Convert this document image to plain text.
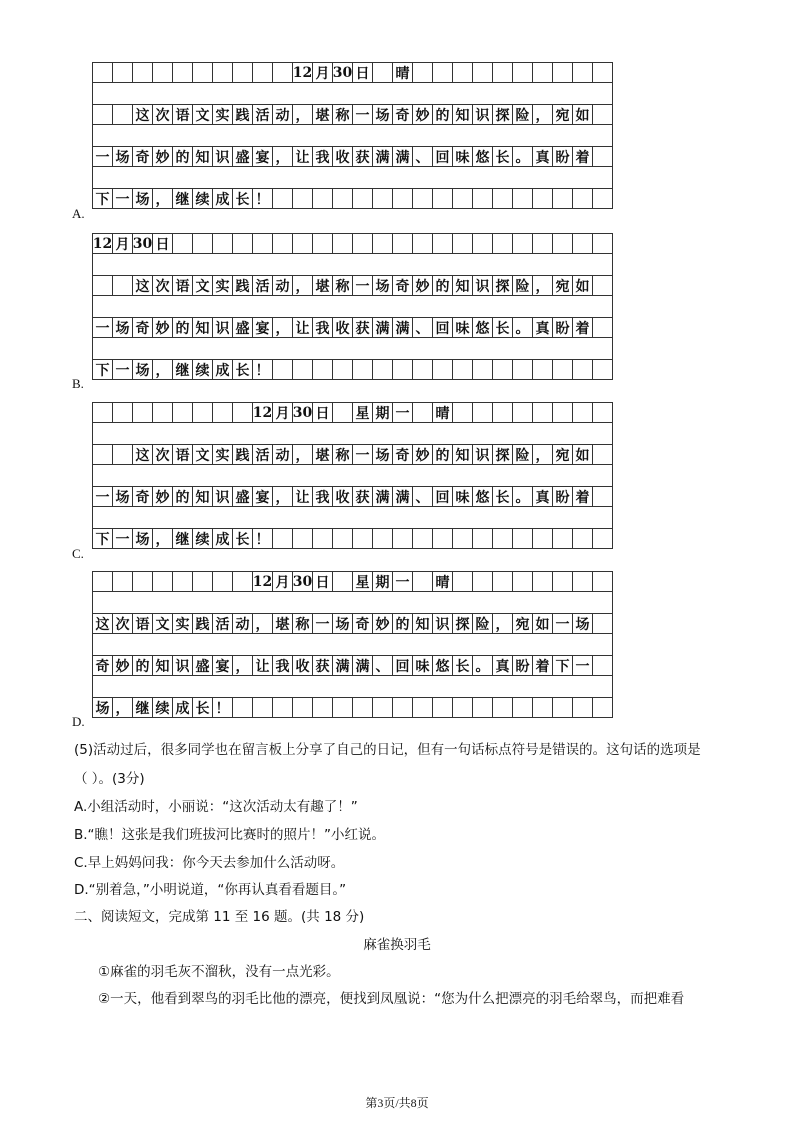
A.
B.
C.
D.
12 月 30 日 晴
这 次 语 文 实 践 活 动 ， 堪 称 一 场 奇 妙 的 知 识 探 险 ， 宛 如
一 场 奇 妙 的 知 识 盛 宴 ， 让 我 收 获 满 满 、 回 味 悠 长 。 真 盼 着
下 一 场 ， 继 续 成 长 ！
12 月 30 日
这 次 语 文 实 践 活 动 ， 堪 称 一 场 奇 妙 的 知 识 探 险 ， 宛 如
一 场 奇 妙 的 知 识 盛 宴 ， 让 我 收 获 满 满 、 回 味 悠 长 。 真 盼 着
下 一 场 ， 继 续 成 长 ！
12 月 30 日 星 期 一 晴
这 次 语 文 实 践 活 动 ， 堪 称 一 场 奇 妙 的 知 识 探 险 ， 宛 如
一 场 奇 妙 的 知 识 盛 宴 ， 让 我 收 获 满 满 、 回 味 悠 长 。 真 盼 着
下 一 场 ， 继 续 成 长 ！
12 月 30 日 星 期 一 晴
这 次 语 文 实 践 活 动 ， 堪 称 一 场 奇 妙 的 知 识 探 险 ， 宛 如 一 场
奇 妙 的 知 识 盛 宴 ， 让 我 收 获 满 满 、 回 味 悠 长 。 真 盼 着 下 一
场 ， 继 续 成 长 ！
(5)活动过后，很多同学也在留言板上分享了自己的日记，但有一句话标点符号是错误的。这句话的选项是
（ ）。(3分)
A.小组活动时，小丽说：“这次活动太有趣了！”
B.“瞧！这张是我们班拔河比赛时的照片！”小红说。
C.早上妈妈问我：你今天去参加什么活动呀。
D.“别着急，”小明说道，“你再认真看看题目。”
二、阅读短文，完成第 11 至 16 题。(共 18 分)
麻雀换羽毛
①麻雀的羽毛灰不溜秋，没有一点光彩。
②一天，他看到翠鸟的羽毛比他的漂亮，便找到凤凰说：“您为什么把漂亮的羽毛给翠鸟，而把难看
第3页/共8页
